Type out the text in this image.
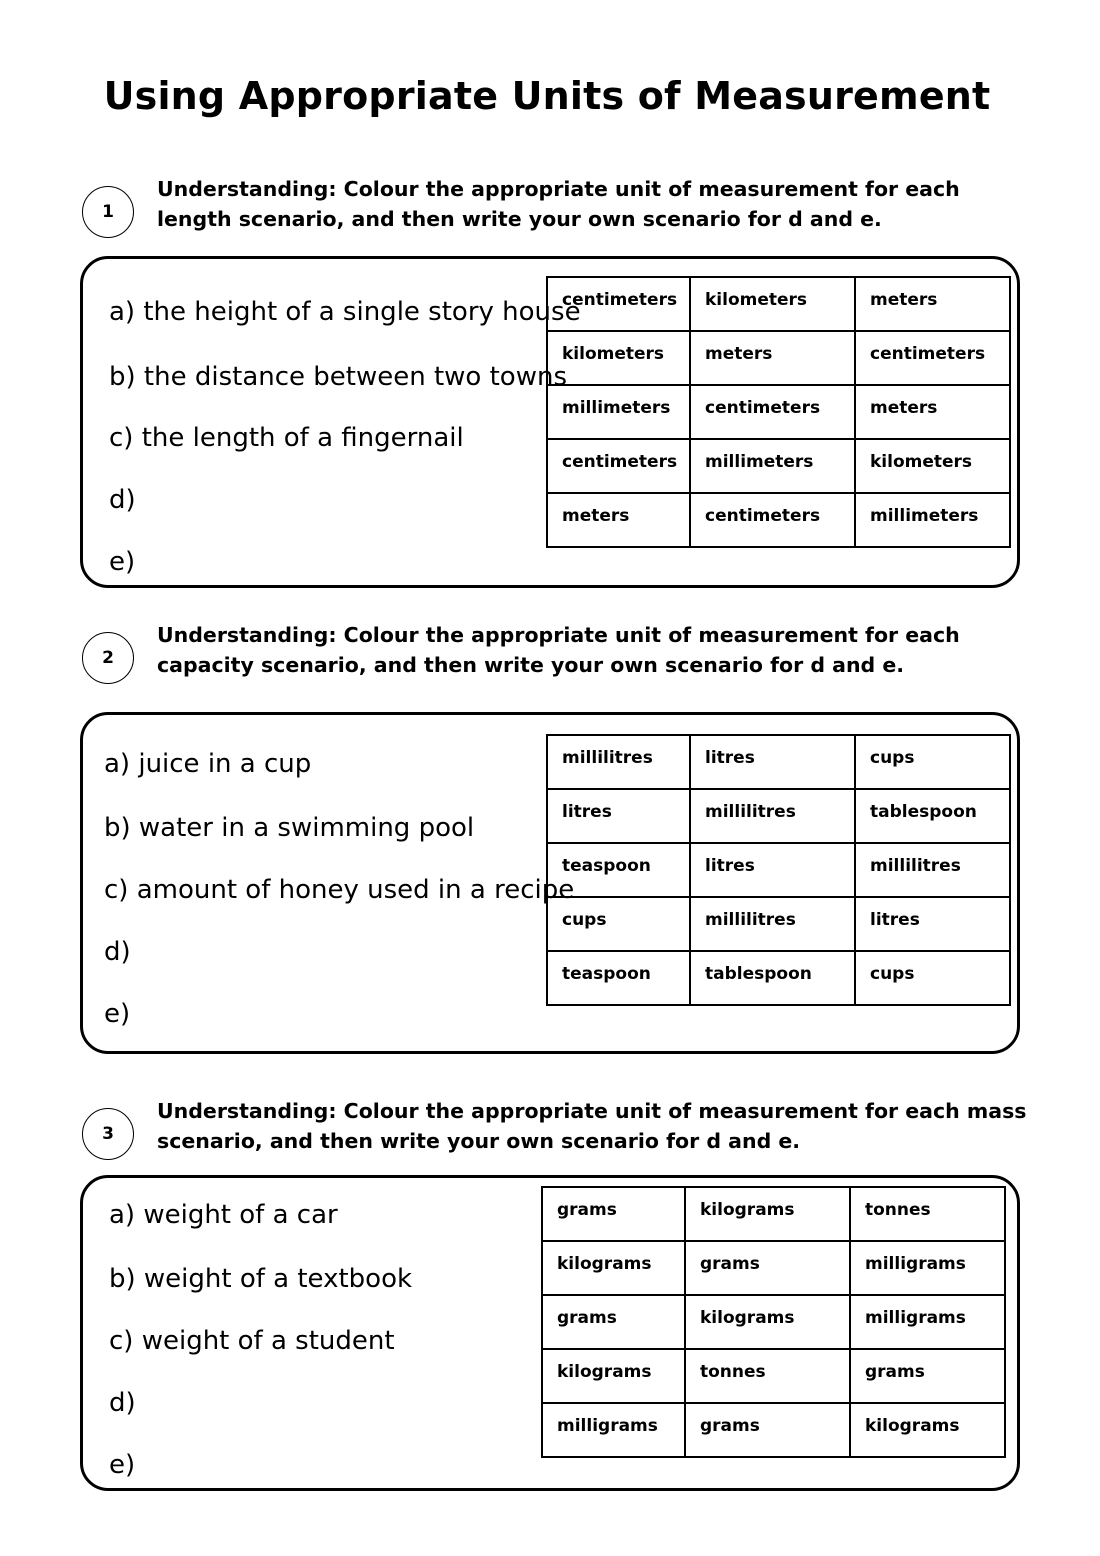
Using Appropriate Units of Measurement
1
Understanding: Colour the appropriate unit of measurement for each length scenario, and then write your own scenario for d and e.
a) the height of a single story house
b) the distance between two towns
c) the length of a fingernail
d)
e)
centimeters	kilometers	meters
kilometers	meters	centimeters
millimeters	centimeters	meters
centimeters	millimeters	kilometers
meters	centimeters	millimeters
2
Understanding: Colour the appropriate unit of measurement for each capacity scenario, and then write your own scenario for d and e.
a) juice in a cup
b) water in a swimming pool
c) amount of honey used in a recipe
d)
e)
millilitres	litres	cups
litres	millilitres	tablespoon
teaspoon	litres	millilitres
cups	millilitres	litres
teaspoon	tablespoon	cups
3
Understanding: Colour the appropriate unit of measurement for each mass scenario, and then write your own scenario for d and e.
a) weight of a car
b) weight of a textbook
c) weight of a student
d)
e)
grams	kilograms	tonnes
kilograms	grams	milligrams
grams	kilograms	milligrams
kilograms	tonnes	grams
milligrams	grams	kilograms
